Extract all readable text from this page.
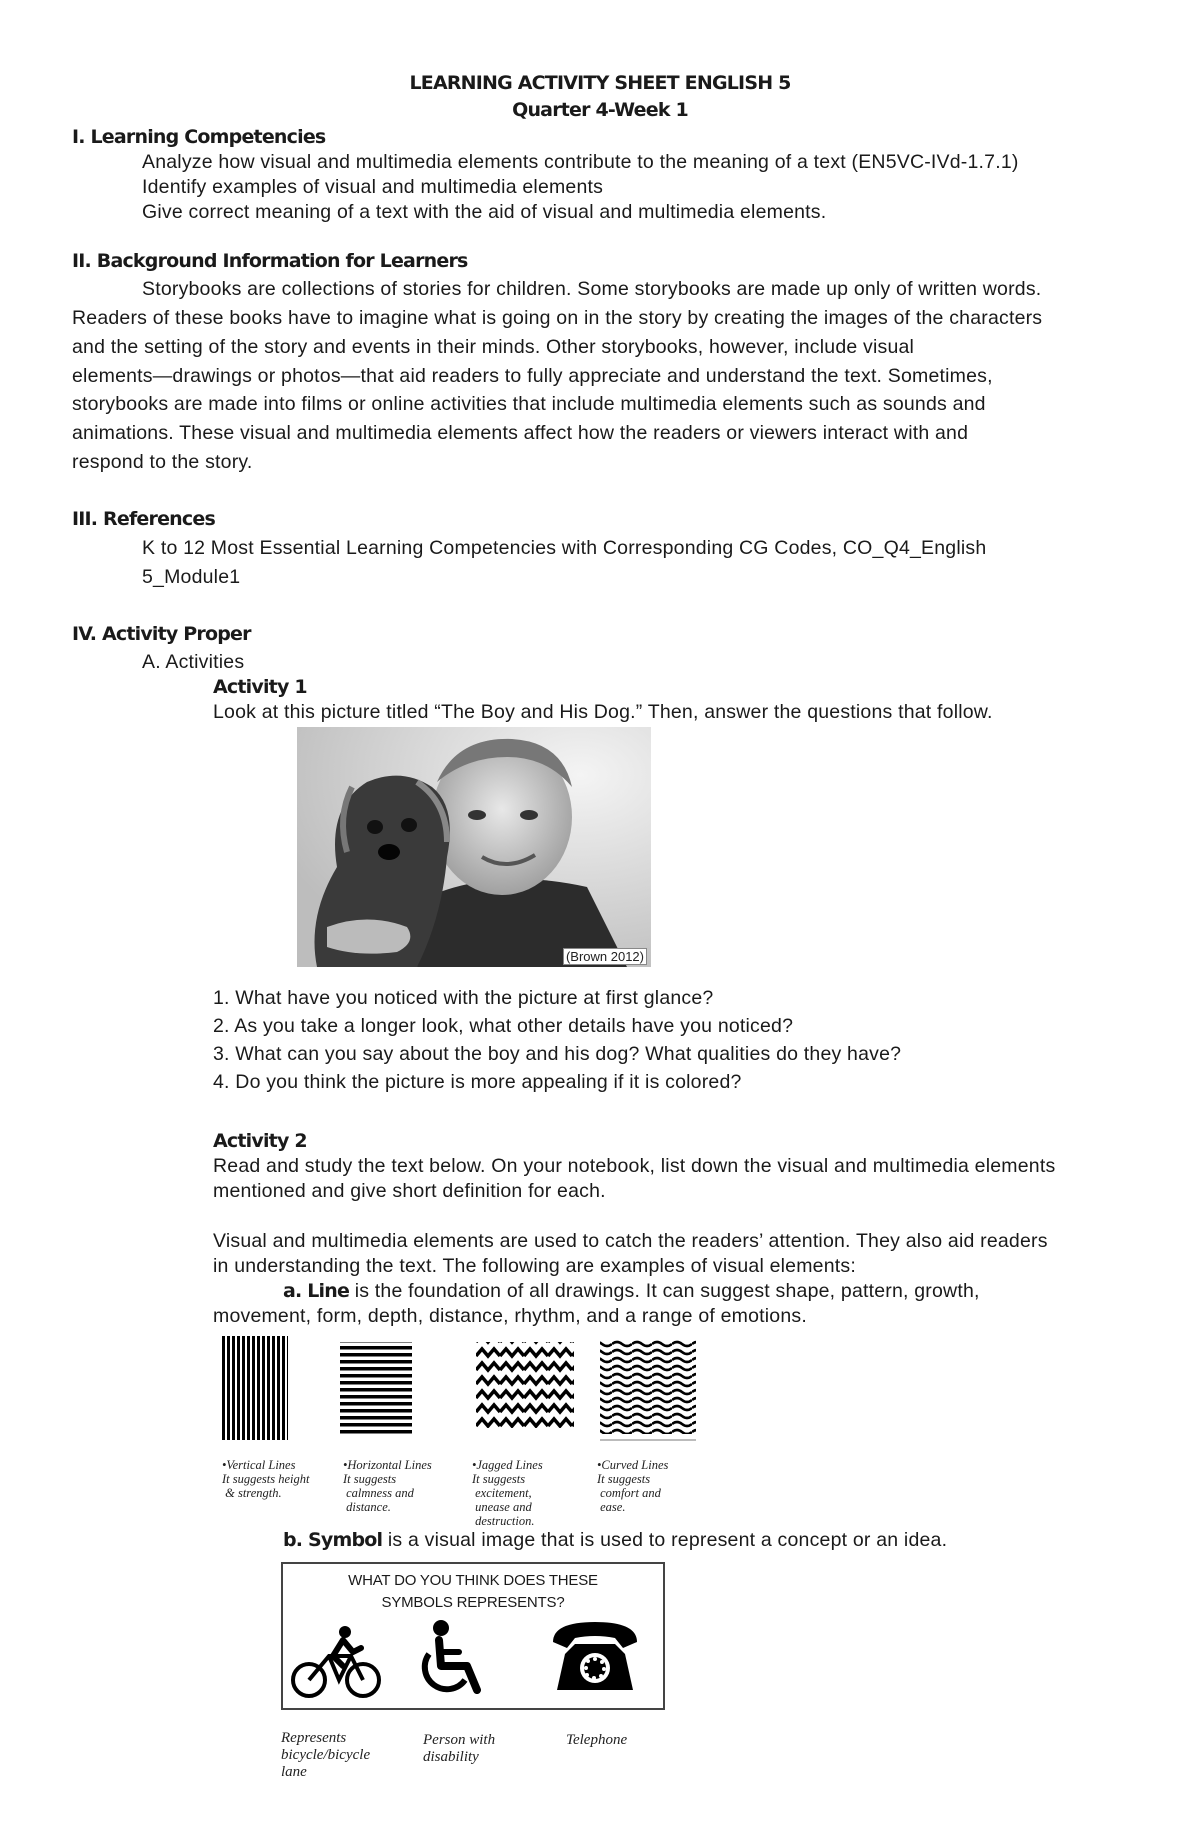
LEARNING ACTIVITY SHEET ENGLISH 5
Quarter 4-Week 1
I. Learning Competencies
Analyze how visual and multimedia elements contribute to the meaning of a text (EN5VC-IVd-1.7.1)
Identify examples of visual and multimedia elements
Give correct meaning of a text with the aid of visual and multimedia elements.
II. Background Information for Learners
Storybooks are collections of stories for children. Some storybooks are made up only of written words.
Readers of these books have to imagine what is going on in the story by creating the images of the characters
and the setting of the story and events in their minds. Other storybooks, however, include visual
elements—drawings or photos—that aid readers to fully appreciate and understand the text. Sometimes,
storybooks are made into films or online activities that include multimedia elements such as sounds and
animations. These visual and multimedia elements affect how the readers or viewers interact with and
respond to the story.
III. References
K to 12 Most Essential Learning Competencies with Corresponding CG Codes, CO_Q4_English
5_Module1
IV. Activity Proper
A. Activities
Activity 1
Look at this picture titled “The Boy and His Dog.” Then, answer the questions that follow.
(Brown 2012)
1. What have you noticed with the picture at first glance?
2. As you take a longer look, what other details have you noticed?
3. What can you say about the boy and his dog? What qualities do they have?
4. Do you think the picture is more appealing if it is colored?
Activity 2
Read and study the text below. On your notebook, list down the visual and multimedia elements
mentioned and give short definition for each.
Visual and multimedia elements are used to catch the readers’ attention. They also aid readers
in understanding the text. The following are examples of visual elements:
a. Line is the foundation of all drawings. It can suggest shape, pattern, growth,
movement, form, depth, distance, rhythm, and a range of emotions.
•Vertical Lines
It suggests height
& strength.
•Horizontal Lines
It suggests
calmness and
distance.
•Jagged Lines
It suggests
excitement,
unease and
destruction.
•Curved Lines
It suggests
comfort and
ease.
b. Symbol is a visual image that is used to represent a concept or an idea.
WHAT DO YOU THINK DOES THESE
SYMBOLS REPRESENTS?
Represents
bicycle/bicycle
lane
Person with
disability
Telephone
